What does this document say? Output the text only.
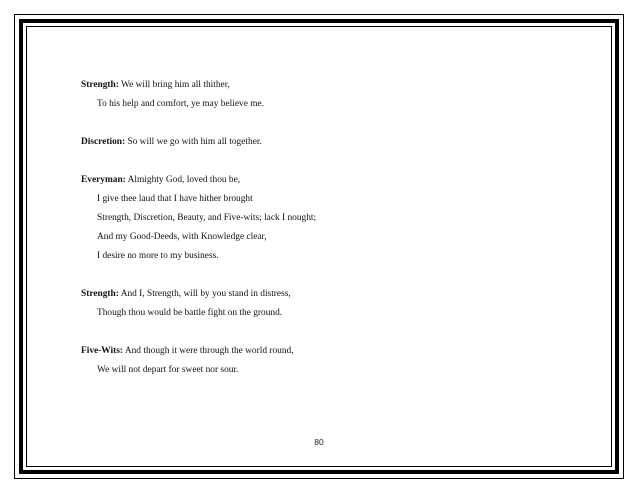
Strength: We will bring him all thither,
To his help and comfort, ye may believe me.
Discretion: So will we go with him all together.
Everyman: Almighty God, loved thou be,
I give thee laud that I have hither brought
Strength, Discretion, Beauty, and Five-wits; lack I nought;
And my Good-Deeds, with Knowledge clear,
I desire no more to my business.
Strength: And I, Strength, will by you stand in distress,
Though thou would be battle fight on the ground.
Five-Wits: And though it were through the world round,
We will not depart for sweet nor sour.
80
